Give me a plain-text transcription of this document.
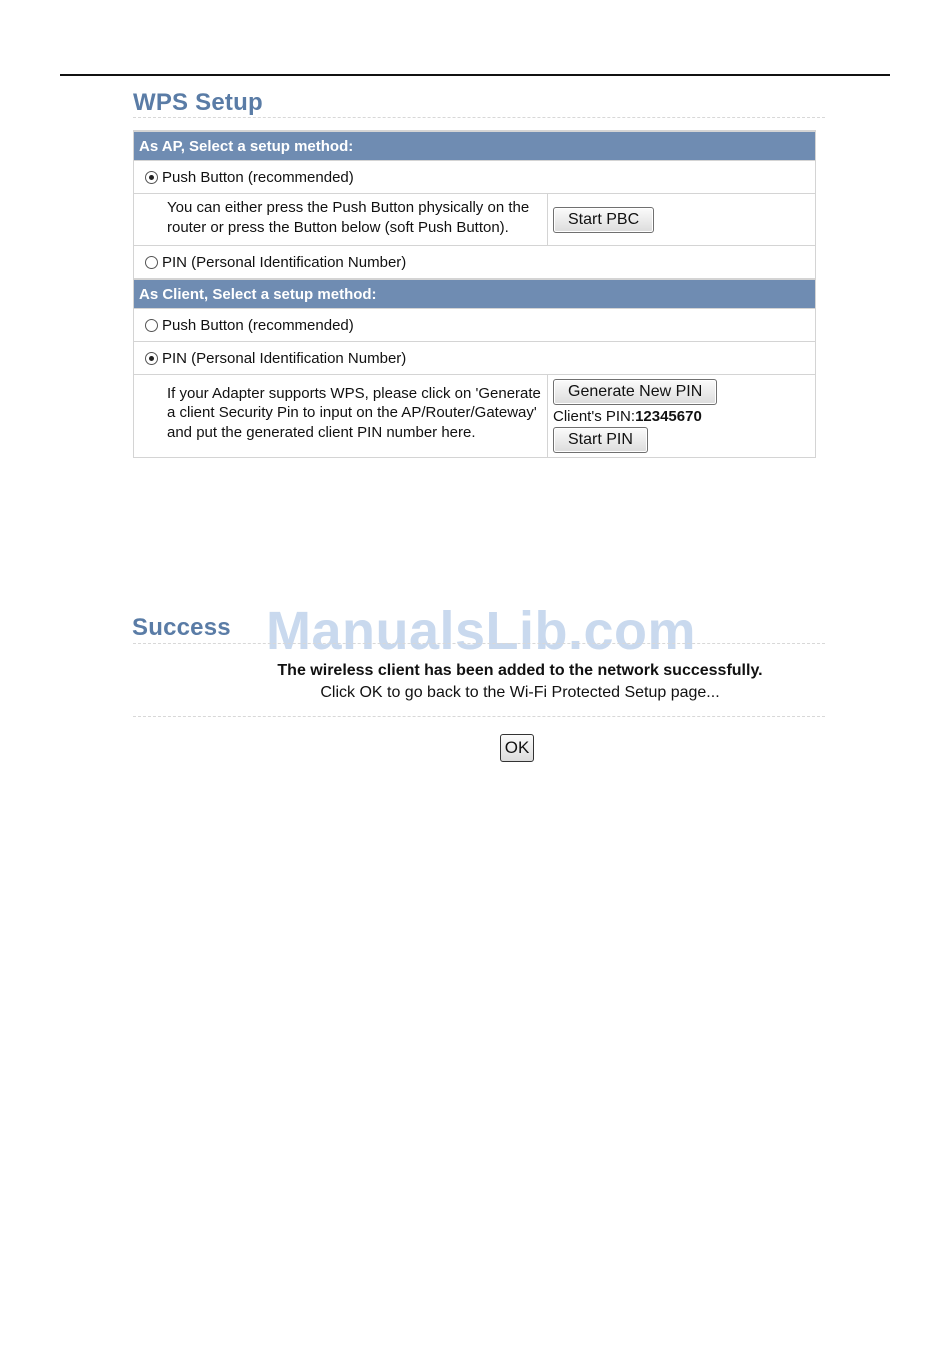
WPS Setup
As AP, Select a setup method:	
Push Button (recommended)	
You can either press the Push Button physically on the router or press the Button below (soft Push Button).	Start PBC
PIN (Personal Identification Number)	
As Client, Select a setup method:	
Push Button (recommended)	
PIN (Personal Identification Number)	
If your Adapter supports WPS, please click on 'Generate a client Security Pin to input on the AP/Router/Gateway' and put the generated client PIN number here.	Generate New PIN
Client's PIN:12345670
Start PIN
Success ManualsLib.com
The wireless client has been added to the network successfully.
Click OK to go back to the Wi-Fi Protected Setup page...
OK
